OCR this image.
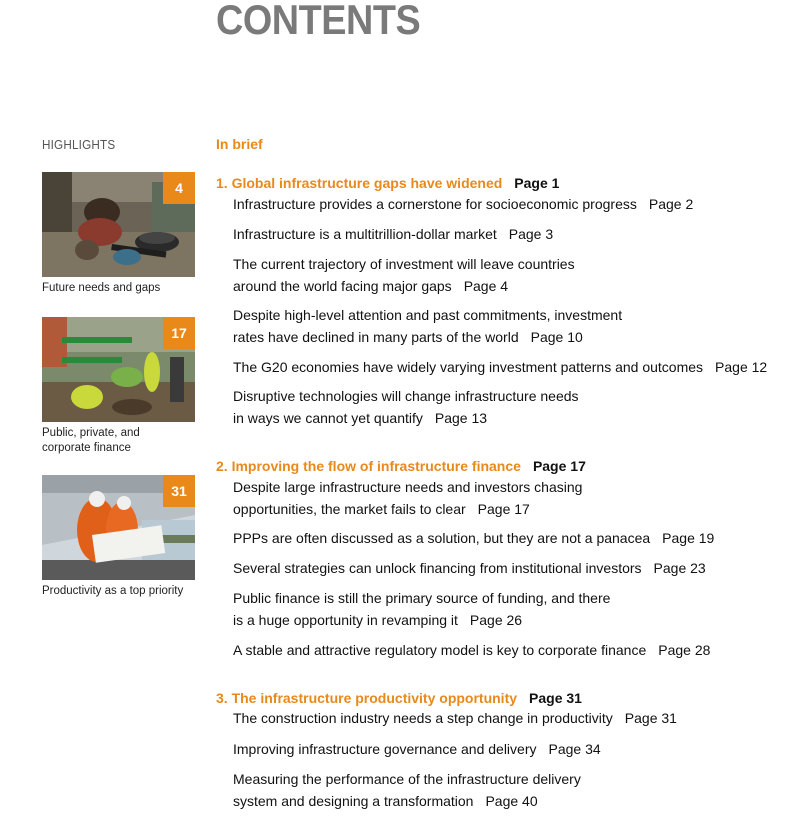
CONTENTS
HIGHLIGHTS
4
Future needs and gaps
17
Public, private, and
corporate finance
31
Productivity as a top priority
In brief
1. Global infrastructure gaps have widened Page 1
Infrastructure provides a cornerstone for socioeconomic progress Page 2
Infrastructure is a multitrillion-dollar market Page 3
The current trajectory of investment will leave countries
around the world facing major gaps Page 4
Despite high-level attention and past commitments, investment
rates have declined in many parts of the world Page 10
The G20 economies have widely varying investment patterns and outcomes Page 12
Disruptive technologies will change infrastructure needs
in ways we cannot yet quantify Page 13
2. Improving the flow of infrastructure finance Page 17
Despite large infrastructure needs and investors chasing
opportunities, the market fails to clear Page 17
PPPs are often discussed as a solution, but they are not a panacea Page 19
Several strategies can unlock financing from institutional investors Page 23
Public finance is still the primary source of funding, and there
is a huge opportunity in revamping it Page 26
A stable and attractive regulatory model is key to corporate finance Page 28
3. The infrastructure productivity opportunity Page 31
The construction industry needs a step change in productivity Page 31
Improving infrastructure governance and delivery Page 34
Measuring the performance of the infrastructure delivery
system and designing a transformation Page 40
